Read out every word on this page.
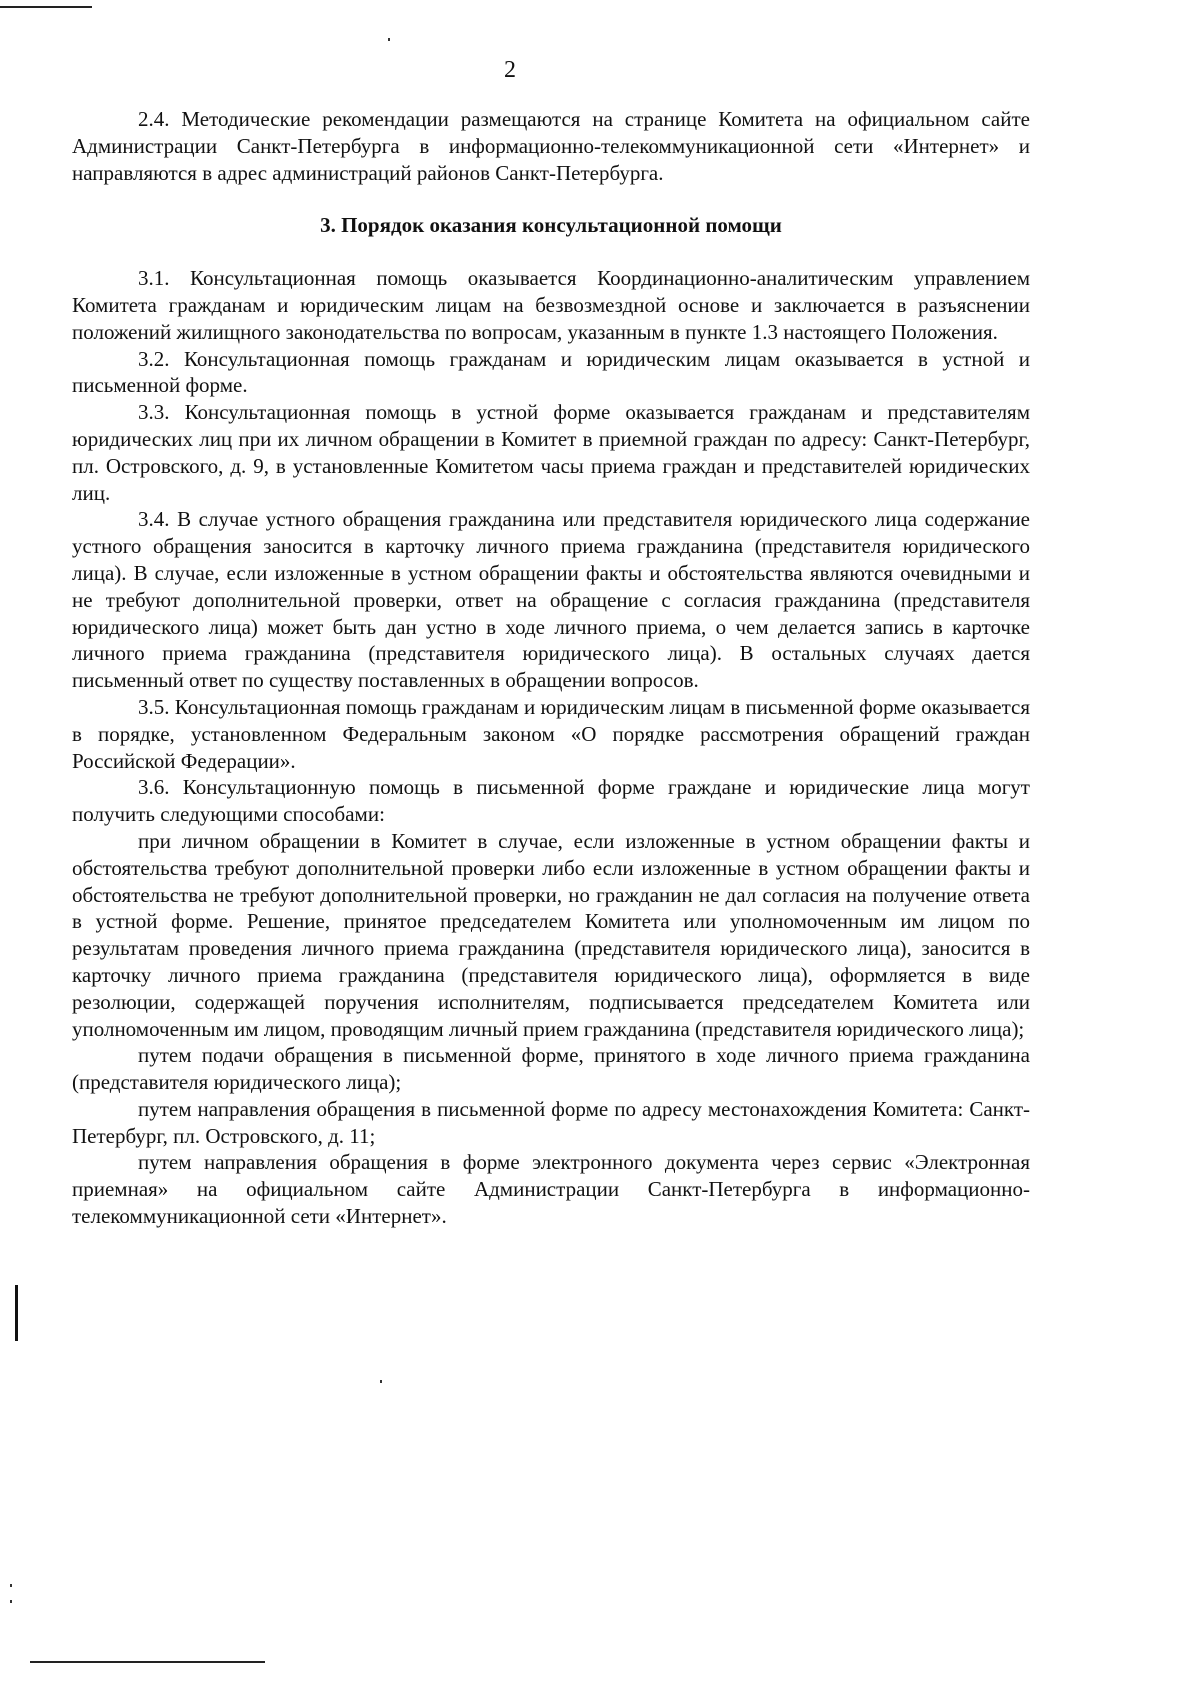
2

2.4. Методические рекомендации размещаются на странице Комитета на официальном сайте Администрации Санкт-Петербурга в информационно-телекоммуникационной сети «Интернет» и направляются в адрес администраций районов Санкт-Петербурга.

3. Порядок оказания консультационной помощи

3.1. Консультационная помощь оказывается Координационно-аналитическим управлением Комитета гражданам и юридическим лицам на безвозмездной основе и заключается в разъяснении положений жилищного законодательства по вопросам, указанным в пункте 1.3 настоящего Положения.

3.2. Консультационная помощь гражданам и юридическим лицам оказывается в устной и письменной форме.

3.3. Консультационная помощь в устной форме оказывается гражданам и представителям юридических лиц при их личном обращении в Комитет в приемной граждан по адресу: Санкт-Петербург, пл. Островского, д. 9, в установленные Комитетом часы приема граждан и представителей юридических лиц.

3.4. В случае устного обращения гражданина или представителя юридического лица содержание устного обращения заносится в карточку личного приема гражданина (представителя юридического лица). В случае, если изложенные в устном обращении факты и обстоятельства являются очевидными и не требуют дополнительной проверки, ответ на обращение с согласия гражданина (представителя юридического лица) может быть дан устно в ходе личного приема, о чем делается запись в карточке личного приема гражданина (представителя юридического лица). В остальных случаях дается письменный ответ по существу поставленных в обращении вопросов.

3.5. Консультационная помощь гражданам и юридическим лицам в письменной форме оказывается в порядке, установленном Федеральным законом «О порядке рассмотрения обращений граждан Российской Федерации».

3.6. Консультационную помощь в письменной форме граждане и юридические лица могут получить следующими способами:

при личном обращении в Комитет в случае, если изложенные в устном обращении факты и обстоятельства требуют дополнительной проверки либо если изложенные в устном обращении факты и обстоятельства не требуют дополнительной проверки, но гражданин не дал согласия на получение ответа в устной форме. Решение, принятое председателем Комитета или уполномоченным им лицом по результатам проведения личного приема гражданина (представителя юридического лица), заносится в карточку личного приема гражданина (представителя юридического лица), оформляется в виде резолюции, содержащей поручения исполнителям, подписывается председателем Комитета или уполномоченным им лицом, проводящим личный прием гражданина (представителя юридического лица);

путем подачи обращения в письменной форме, принятого в ходе личного приема гражданина (представителя юридического лица);

путем направления обращения в письменной форме по адресу местонахождения Комитета: Санкт-Петербург, пл. Островского, д. 11;

путем направления обращения в форме электронного документа через сервис «Электронная приемная» на официальном сайте Администрации Санкт-Петербурга в информационно-телекоммуникационной сети «Интернет».
